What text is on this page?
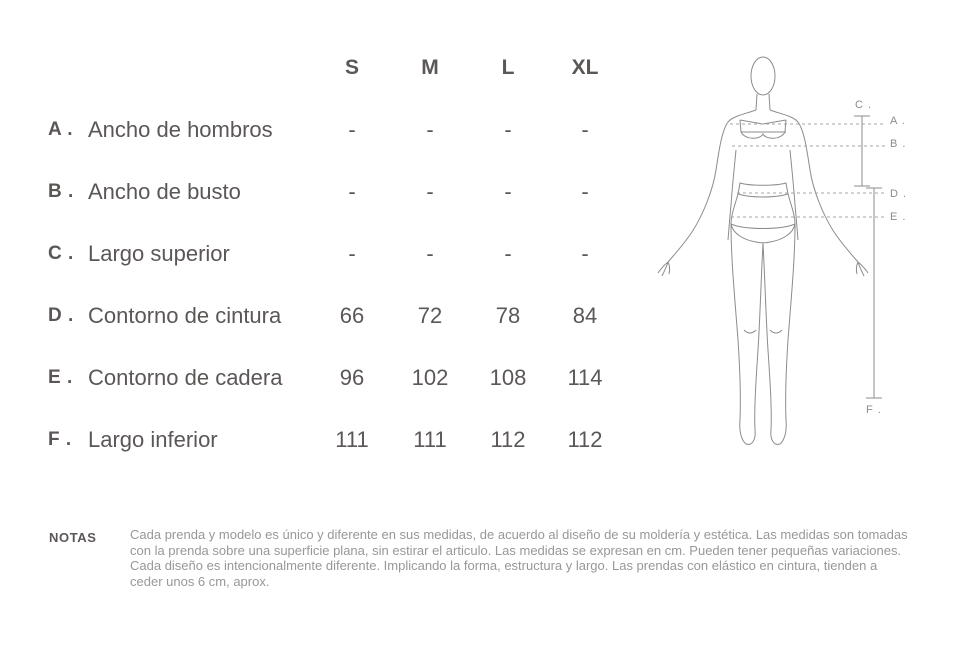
S	M	L	XL
A . Ancho de hombros	-	-	-	-
B . Ancho de busto	-	-	-	-
C . Largo superior	-	-	-	-
D . Contorno de cintura	66	72	78	84
E . Contorno de cadera	96	102	108	114
F . Largo inferior	111	111	112	112
C .
A .
B .
D .
E .
F .
NOTAS	Cada prenda y modelo es único y diferente en sus medidas, de acuerdo al diseño de su moldería y estética. Las medidas son tomadas con la prenda sobre una superficie plana, sin estirar el articulo. Las medidas se expresan en cm. Pueden tener pequeñas variaciones. Cada diseño es intencionalmente diferente. Implicando la forma, estructura y largo. Las prendas con elástico en cintura, tienden a ceder unos 6 cm, aprox.
